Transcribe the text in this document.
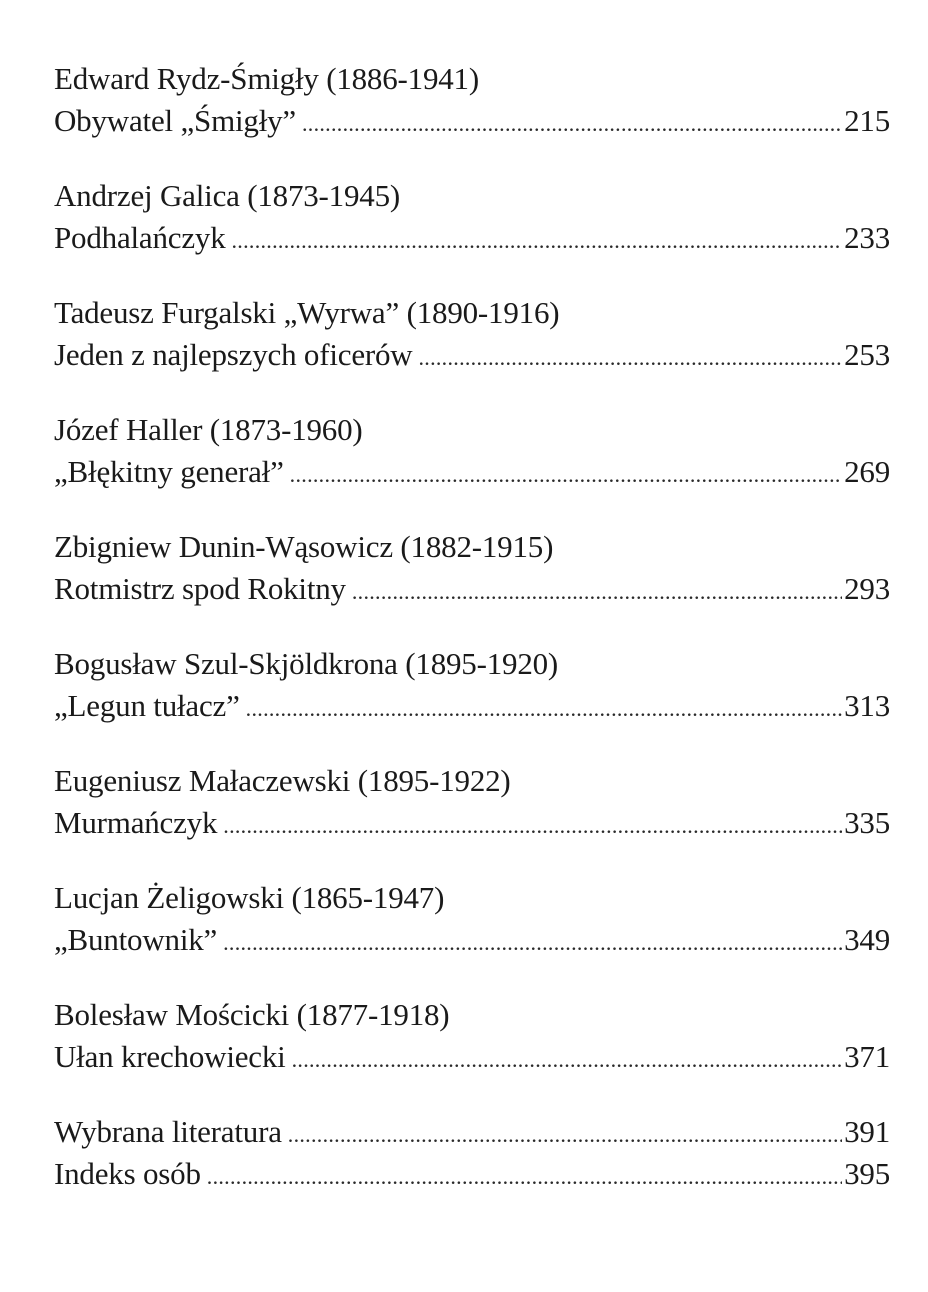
Edward Rydz-Śmigły (1886-1941)
Obywatel „Śmigły” . . .	215
Andrzej Galica (1873-1945)
Podhalańczyk . . .	233
Tadeusz Furgalski „Wyrwa” (1890-1916)
Jeden z najlepszych oficerów . . .	253
Józef Haller (1873-1960)
„Błękitny generał” . . .	269
Zbigniew Dunin-Wąsowicz (1882-1915)
Rotmistrz spod Rokitny . . .	293
Bogusław Szul-Skjöldkrona (1895-1920)
„Legun tułacz” . . .	313
Eugeniusz Małaczewski (1895-1922)
Murmańczyk . . .	335
Lucjan Żeligowski (1865-1947)
„Buntownik” . . .	349
Bolesław Mościcki (1877-1918)
Ułan krechowiecki . . .	371
Wybrana literatura . . .	391
Indeks osób . . .	395
